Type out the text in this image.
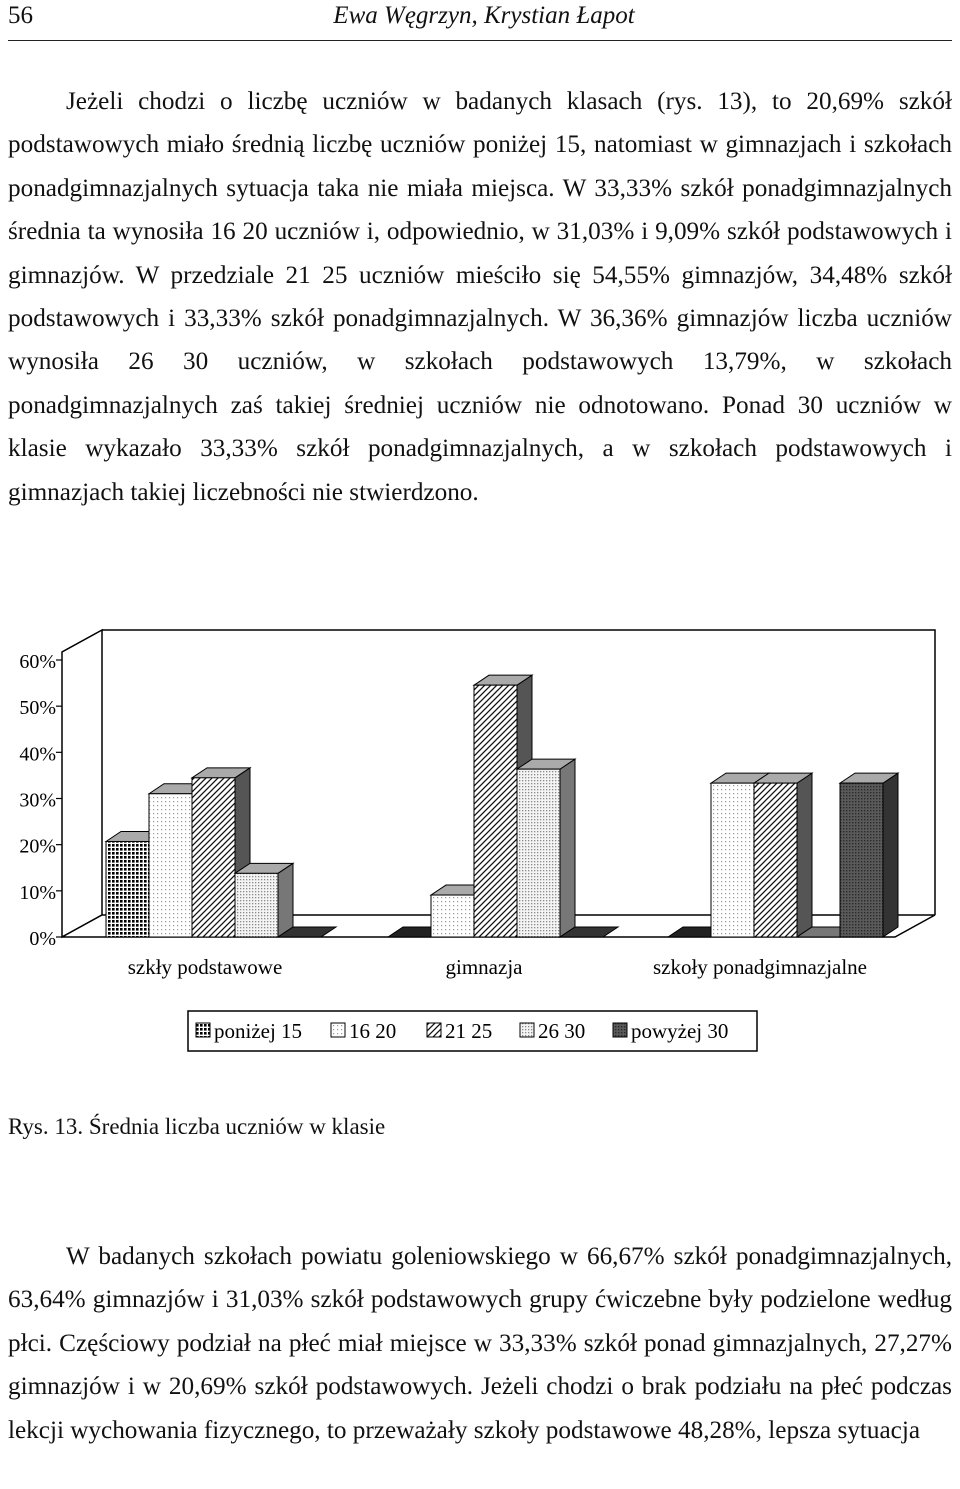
56	Ewa Węgrzyn, Krystian Łapot

Jeżeli chodzi o liczbę uczniów w badanych klasach (rys. 13), to 20,69% szkół podstawowych miało średnią liczbę uczniów poniżej 15, natomiast w gimnazjach i szkołach ponadgimnazjalnych sytuacja taka nie miała miejsca. W 33,33% szkół ponadgimnazjalnych średnia ta wynosiła 16 20 uczniów i, odpowiednio, w 31,03% i 9,09% szkół podstawowych i gimnazjów. W przedziale 21 25 uczniów mieściło się 54,55% gimnazjów, 34,48% szkół podstawowych i 33,33% szkół ponadgimnazjalnych. W 36,36% gimnazjów liczba uczniów wynosiła 26 30 uczniów, w szkołach podstawowych 13,79%, w szkołach ponadgimnazjalnych zaś takiej średniej uczniów nie odnotowano. Ponad 30 uczniów w klasie wykazało 33,33% szkół ponadgimnazjalnych, a w szkołach podstawowych i gimnazjach takiej liczebności nie stwierdzono.

0%
10%
20%
30%
40%
50%
60%
szkły podstawowe	gimnazja	szkoły ponadgimnazjalne
poniżej 15 16 20 21 25 26 30 powyżej 30
Rys. 13. Średnia liczba uczniów w klasie

W badanych szkołach powiatu goleniowskiego w 66,67% szkół ponadgimnazjalnych, 63,64% gimnazjów i 31,03% szkół podstawowych grupy ćwiczebne były podzielone według płci. Częściowy podział na płeć miał miejsce w 33,33% szkół ponad gimnazjalnych, 27,27% gimnazjów i w 20,69% szkół podstawowych. Jeżeli chodzi o brak podziału na płeć podczas lekcji wychowania fizycznego, to przeważały szkoły podstawowe 48,28%, lepsza sytuacja
